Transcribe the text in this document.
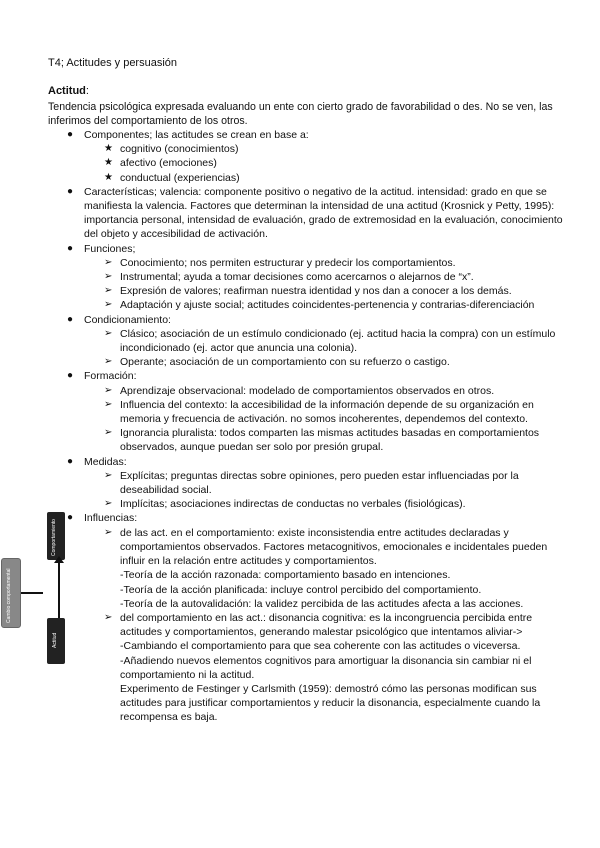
T4; Actitudes y persuasión
Actitud:
Tendencia psicológica expresada evaluando un ente con cierto grado de favorabilidad o des. No se ven, las inferimos del comportamiento de los otros.
● Componentes; las actitudes se crean en base a:
★ cognitivo (conocimientos)
★ afectivo (emociones)
★ conductual (experiencias)
● Características; valencia: componente positivo o negativo de la actitud. intensidad: grado en que se manifiesta la valencia. Factores que determinan la intensidad de una actitud (Krosnick y Petty, 1995): importancia personal, intensidad de evaluación, grado de extremosidad en la evaluación, conocimiento del objeto y accesibilidad de activación.
● Funciones;
➢ Conocimiento; nos permiten estructurar y predecir los comportamientos.
➢ Instrumental; ayuda a tomar decisiones como acercarnos o alejarnos de “x”.
➢ Expresión de valores; reafirman nuestra identidad y nos dan a conocer a los demás.
➢ Adaptación y ajuste social; actitudes coincidentes-pertenencia y contrarias-diferenciación
● Condicionamiento:
➢ Clásico; asociación de un estímulo condicionado (ej. actitud hacia la compra) con un estímulo incondicionado (ej. actor que anuncia una colonia).
➢ Operante; asociación de un comportamiento con su refuerzo o castigo.
● Formación:
➢ Aprendizaje observacional: modelado de comportamientos observados en otros.
➢ Influencia del contexto: la accesibilidad de la información depende de su organización en memoria y frecuencia de activación. no somos incoherentes, dependemos del contexto.
➢ Ignorancia pluralista: todos comparten las mismas actitudes basadas en comportamientos observados, aunque puedan ser solo por presión grupal.
● Medidas:
➢ Explícitas; preguntas directas sobre opiniones, pero pueden estar influenciadas por la deseabilidad social.
➢ Implícitas; asociaciones indirectas de conductas no verbales (fisiológicas).
● Influencias:
➢ de las act. en el comportamiento: existe inconsistendia entre actitudes declaradas y comportamientos observados. Factores metacognitivos, emocionales e incidentales pueden influir en la relación entre actitudes y comportamientos.
-Teoría de la acción razonada: comportamiento basado en intenciones.
-Teoría de la acción planificada: incluye control percibido del comportamiento.
-Teoría de la autovalidación: la validez percibida de las actitudes afecta a las acciones.
➢ del comportamiento en las act.: disonancia cognitiva: es la incongruencia percibida entre actitudes y comportamientos, generando malestar psicológico que intentamos aliviar->
-Cambiando el comportamiento para que sea coherente con las actitudes o viceversa.
-Añadiendo nuevos elementos cognitivos para amortiguar la disonancia sin cambiar ni el comportamiento ni la actitud.
Experimento de Festinger y Carlsmith (1959): demostró cómo las personas modifican sus actitudes para justificar comportamientos y reducir la disonancia, especialmente cuando la recompensa es baja.
Comportamiento
Cambio comportamental
Actitud
